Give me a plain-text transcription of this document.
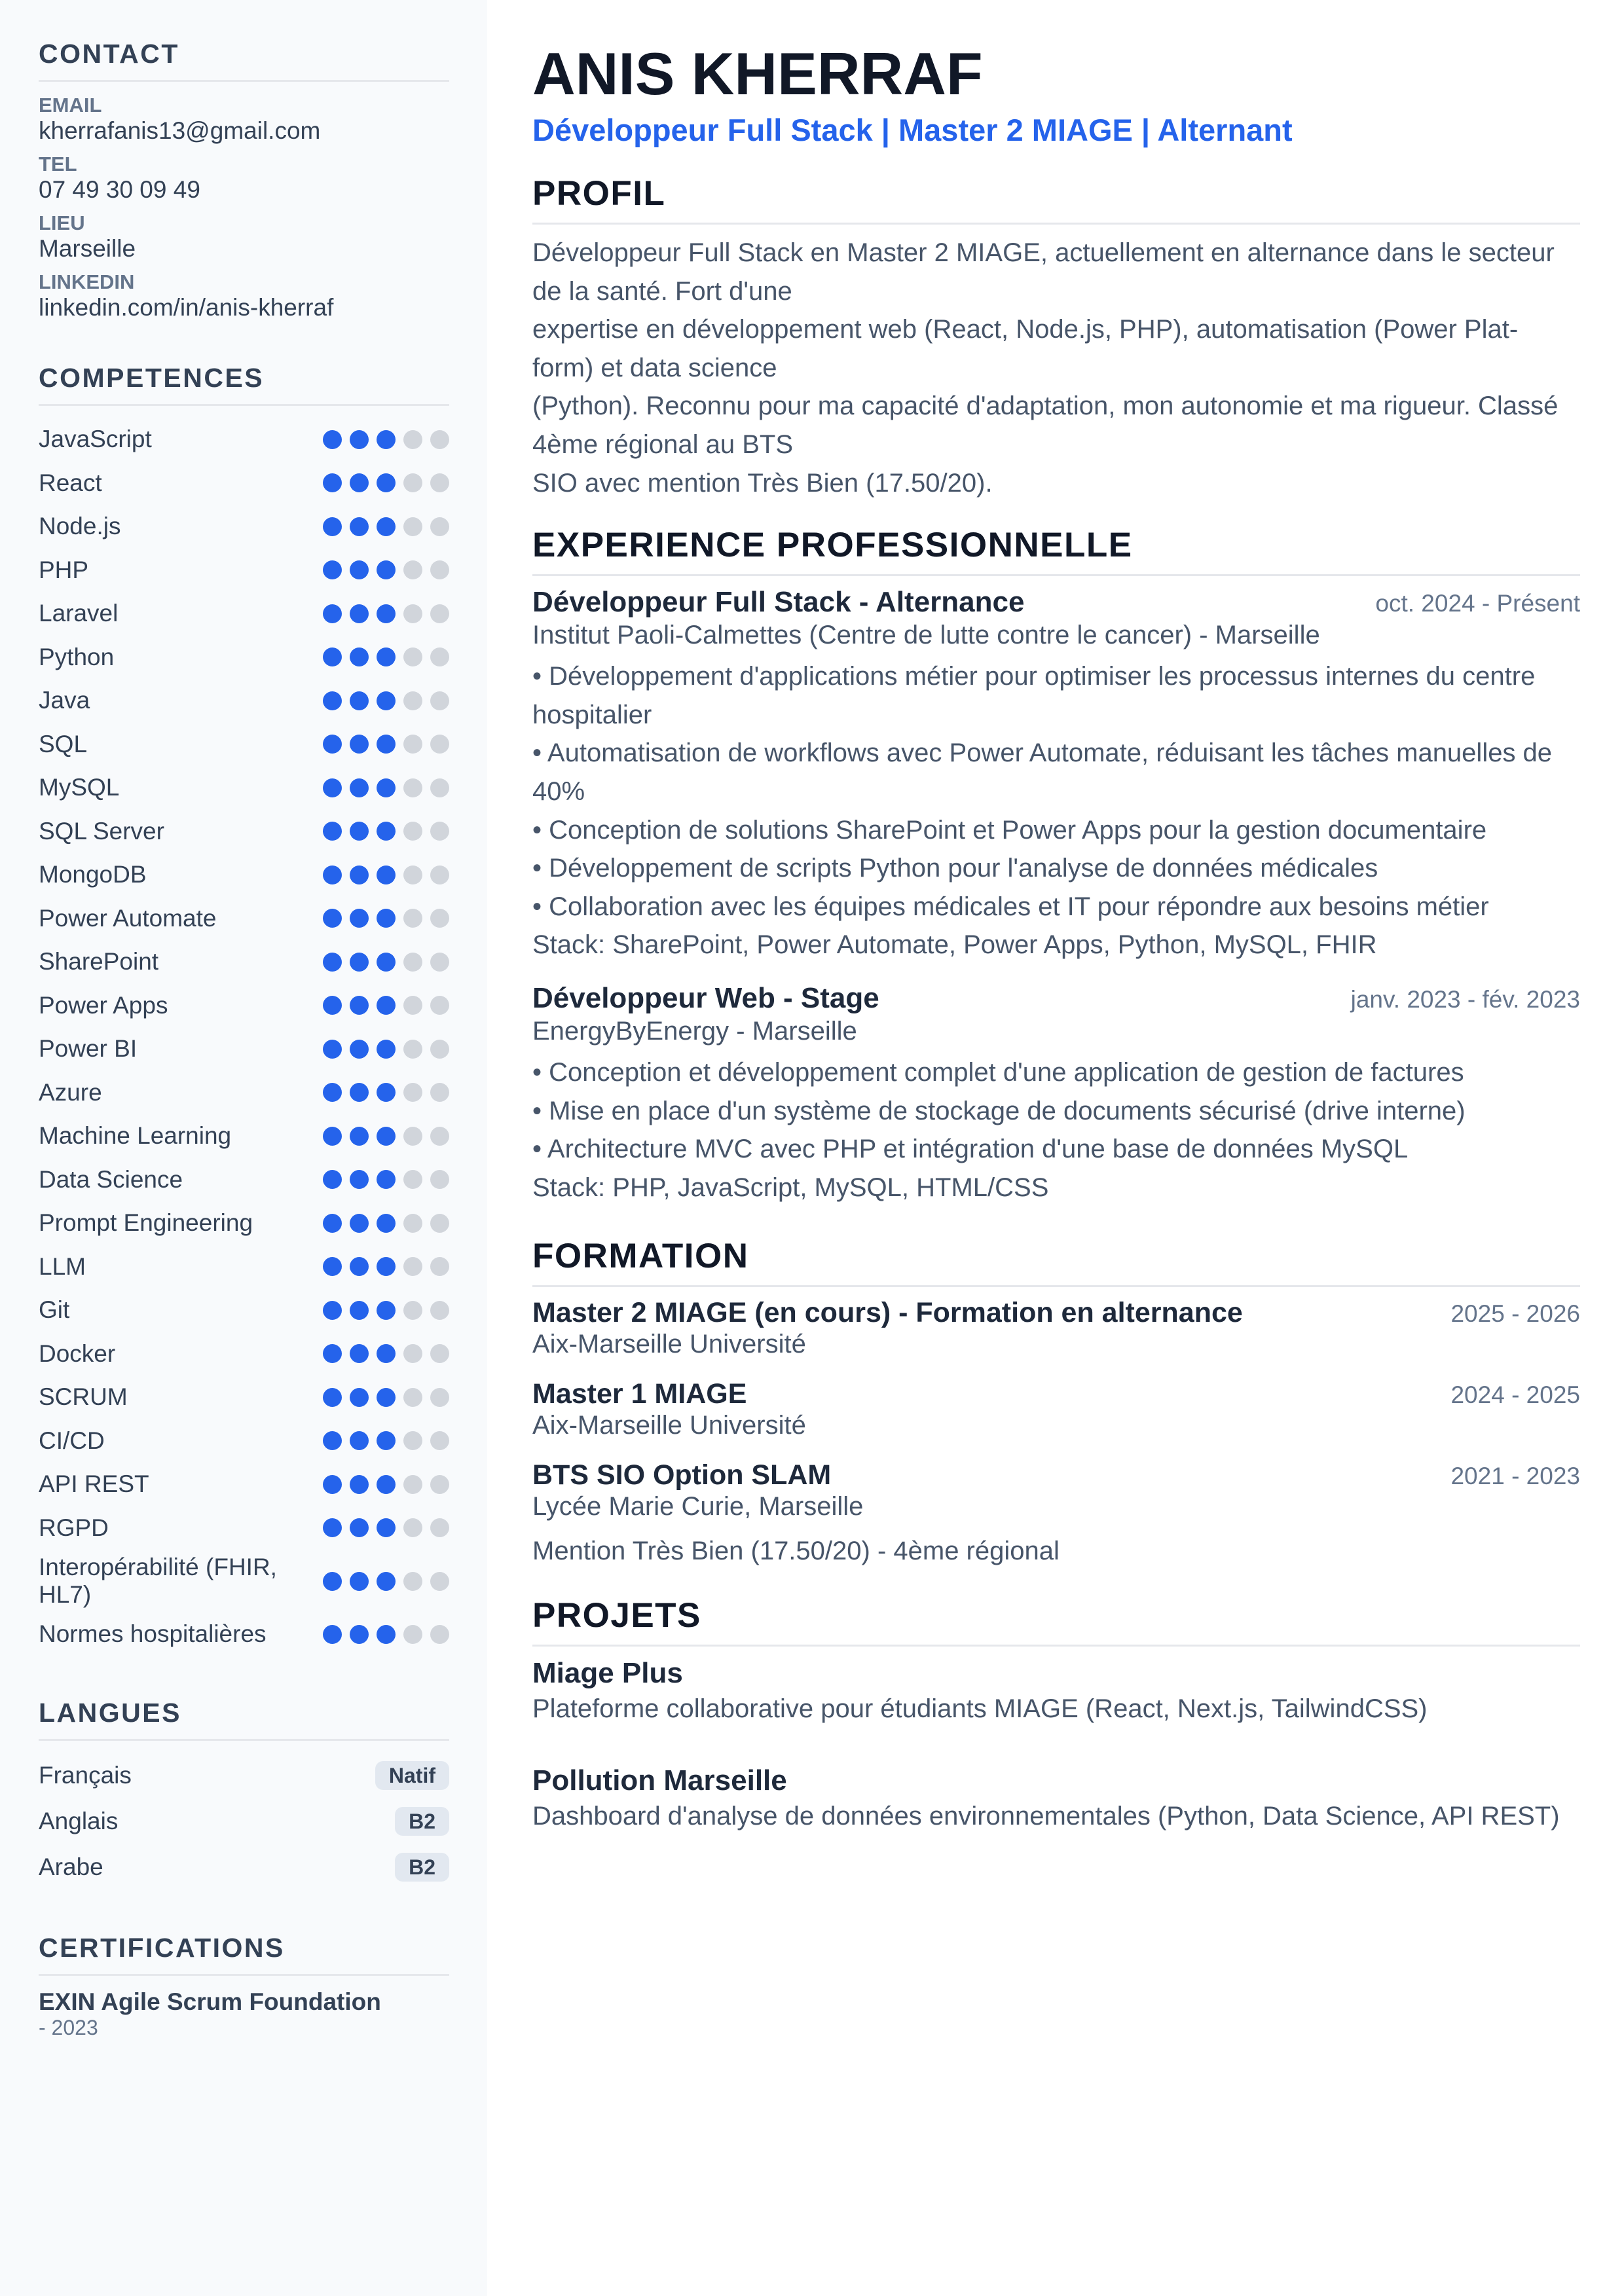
CONTACT
EMAIL
kherrafanis13@gmail.com
TEL
07 49 30 09 49
LIEU
Marseille
LINKEDIN
linkedin.com/in/anis-kherraf
COMPETENCES
JavaScript
React
Node.js
PHP
Laravel
Python
Java
SQL
MySQL
SQL Server
MongoDB
Power Automate
SharePoint
Power Apps
Power BI
Azure
Machine Learning
Data Science
Prompt Engineering
LLM
Git
Docker
SCRUM
CI/CD
API REST
RGPD
Interopérabilité (FHIR, HL7)
Normes hospitalières
LANGUES
Français	Natif
Anglais	B2
Arabe	B2
CERTIFICATIONS
EXIN Agile Scrum Foundation
- 2023
ANIS KHERRAF
Développeur Full Stack | Master 2 MIAGE | Alternant
PROFIL

Développeur Full Stack en Master 2 MIAGE, actuellement en alternance dans le secteur
de la santé. Fort d'une
expertise en développement web (React, Node.js, PHP), automatisation (Power Plat-
form) et data science
(Python). Reconnu pour ma capacité d'adaptation, mon autonomie et ma rigueur. Classé
4ème régional au BTS
SIO avec mention Très Bien (17.50/20).

EXPERIENCE PROFESSIONNELLE
Développeur Full Stack - Alternance	oct. 2024 - Présent
Institut Paoli-Calmettes (Centre de lutte contre le cancer) - Marseille
• Développement d'applications métier pour optimiser les processus internes du centre hospitalier
• Automatisation de workflows avec Power Automate, réduisant les tâches manuelles de 40%
• Conception de solutions SharePoint et Power Apps pour la gestion documentaire
• Développement de scripts Python pour l'analyse de données médicales
• Collaboration avec les équipes médicales et IT pour répondre aux besoins métier
Stack: SharePoint, Power Automate, Power Apps, Python, MySQL, FHIR
Développeur Web - Stage	janv. 2023 - fév. 2023
EnergyByEnergy - Marseille
• Conception et développement complet d'une application de gestion de factures
• Mise en place d'un système de stockage de documents sécurisé (drive interne)
• Architecture MVC avec PHP et intégration d'une base de données MySQL
Stack: PHP, JavaScript, MySQL, HTML/CSS
FORMATION
Master 2 MIAGE (en cours) - Formation en alternance	2025 - 2026
Aix-Marseille Université
Master 1 MIAGE	2024 - 2025
Aix-Marseille Université
BTS SIO Option SLAM	2021 - 2023
Lycée Marie Curie, Marseille
Mention Très Bien (17.50/20) - 4ème régional
PROJETS
Miage Plus
Plateforme collaborative pour étudiants MIAGE (React, Next.js, TailwindCSS)
Pollution Marseille
Dashboard d'analyse de données environnementales (Python, Data Science, API REST)
